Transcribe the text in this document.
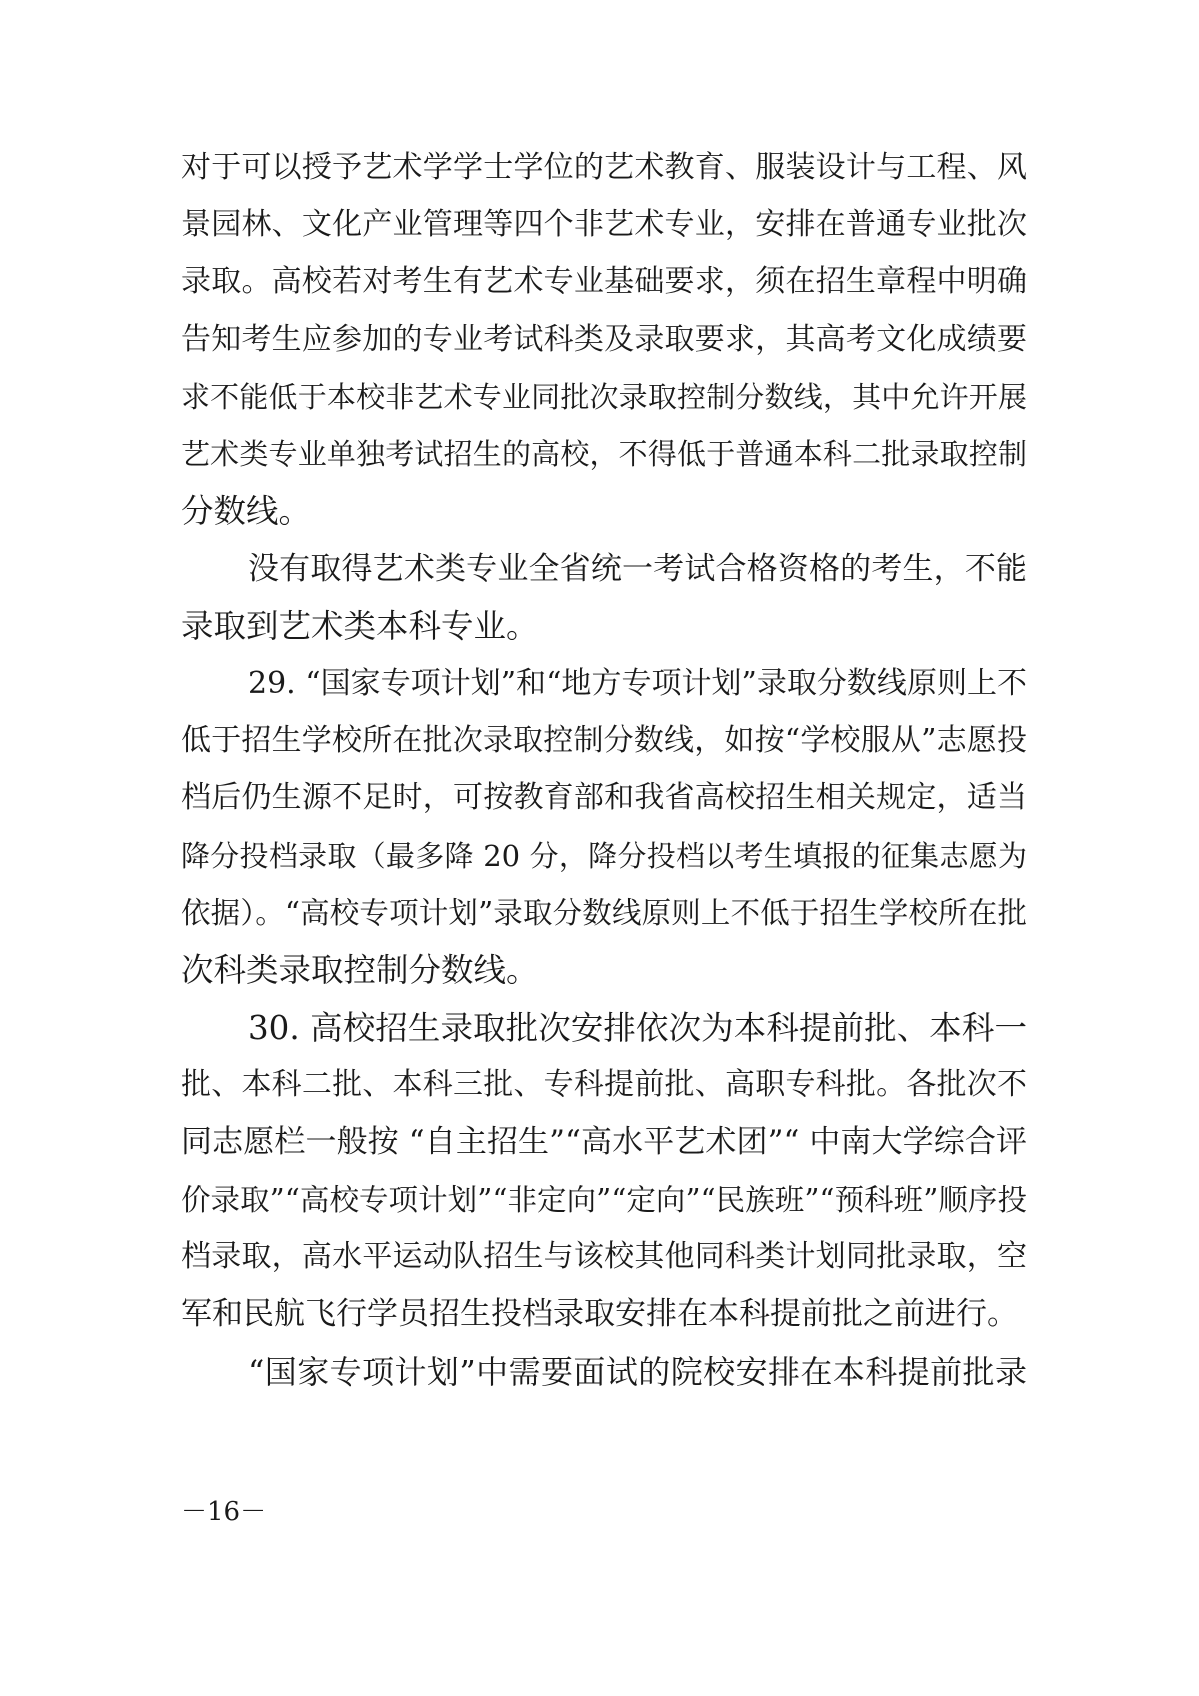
对于可以授予艺术学学士学位的艺术教育、服装设计与工程、风
景园林、文化产业管理等四个非艺术专业，安排在普通专业批次
录取。高校若对考生有艺术专业基础要求，须在招生章程中明确
告知考生应参加的专业考试科类及录取要求，其高考文化成绩要
求不能低于本校非艺术专业同批次录取控制分数线，其中允许开展
艺术类专业单独考试招生的高校，不得低于普通本科二批录取控制
分数线。
没有取得艺术类专业全省统一考试合格资格的考生，不能
录取到艺术类本科专业。
29. “国家专项计划”和“地方专项计划”录取分数线原则上不
低于招生学校所在批次录取控制分数线，如按“学校服从”志愿投
档后仍生源不足时，可按教育部和我省高校招生相关规定，适当
降分投档录取（最多降 20 分，降分投档以考生填报的征集志愿为
依据）。“高校专项计划”录取分数线原则上不低于招生学校所在批
次科类录取控制分数线。
30. 高校招生录取批次安排依次为本科提前批、本科一
批、本科二批、本科三批、专科提前批、高职专科批。各批次不
同志愿栏一般按 “自主招生”“高水平艺术团”“ 中南大学综合评
价录取”“高校专项计划”“非定向”“定向”“民族班”“预科班”顺序投
档录取，高水平运动队招生与该校其他同科类计划同批录取，空
军和民航飞行学员招生投档录取安排在本科提前批之前进行。
“国家专项计划”中需要面试的院校安排在本科提前批录
－16－
